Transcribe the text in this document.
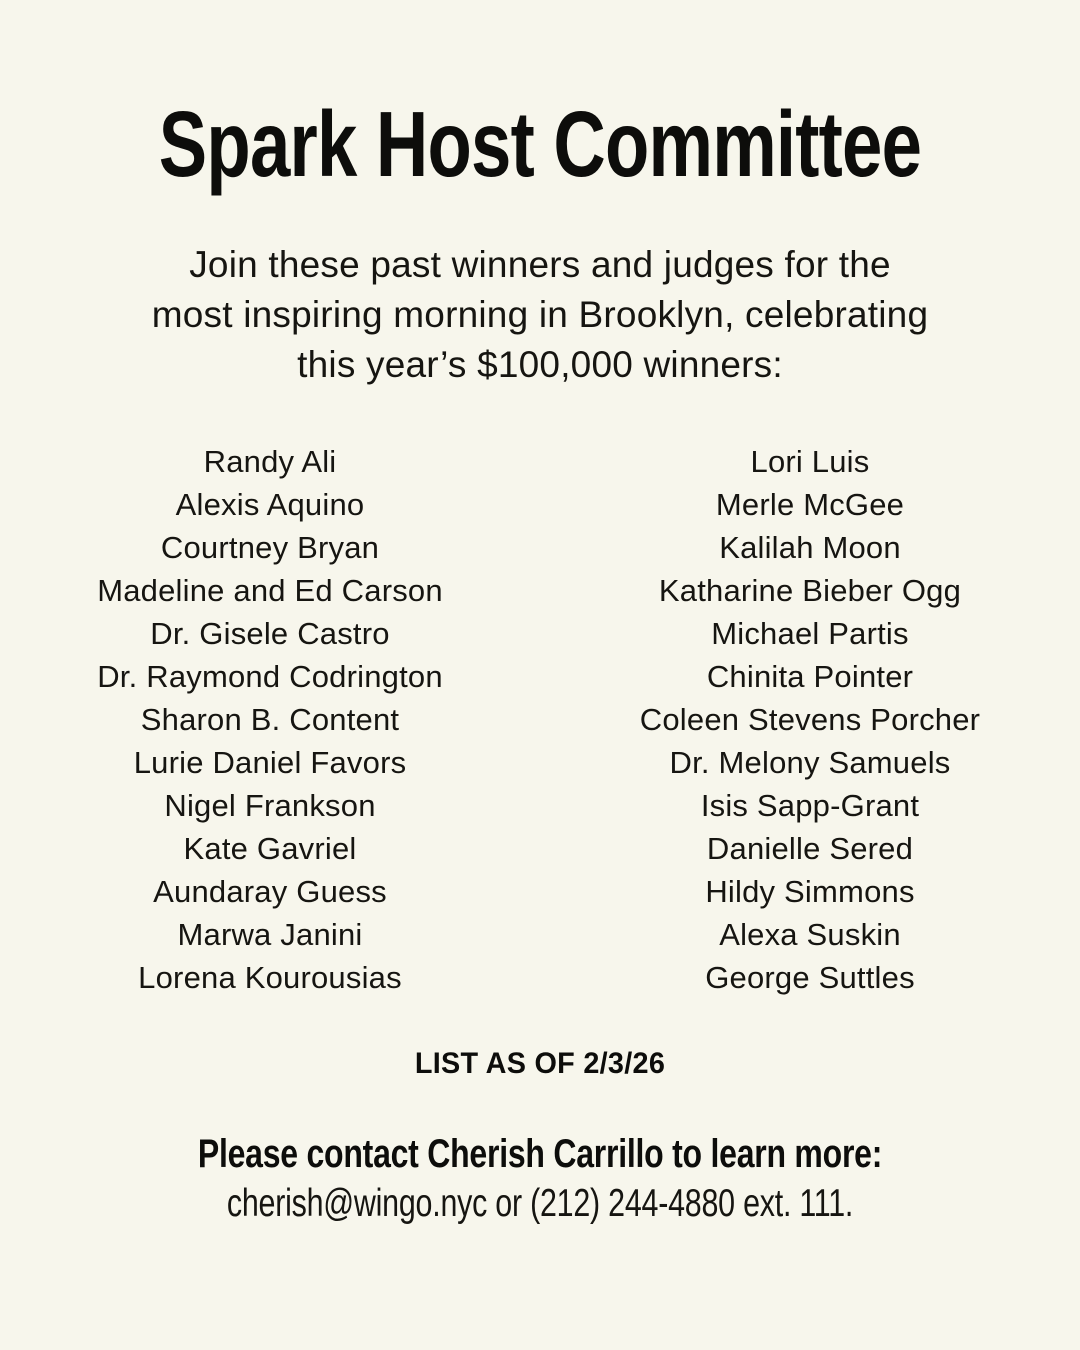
Spark Host Committee
Join these past winners and judges for the
most inspiring morning in Brooklyn, celebrating
this year’s $100,000 winners:
Randy Ali
Alexis Aquino
Courtney Bryan
Madeline and Ed Carson
Dr. Gisele Castro
Dr. Raymond Codrington
Sharon B. Content
Lurie Daniel Favors
Nigel Frankson
Kate Gavriel
Aundaray Guess
Marwa Janini
Lorena Kourousias
Lori Luis
Merle McGee
Kalilah Moon
Katharine Bieber Ogg
Michael Partis
Chinita Pointer
Coleen Stevens Porcher
Dr. Melony Samuels
Isis Sapp-Grant
Danielle Sered
Hildy Simmons
Alexa Suskin
George Suttles
LIST AS OF 2/3/26
Please contact Cherish Carrillo to learn more:
cherish@wingo.nyc or (212) 244-4880 ext. 111.
